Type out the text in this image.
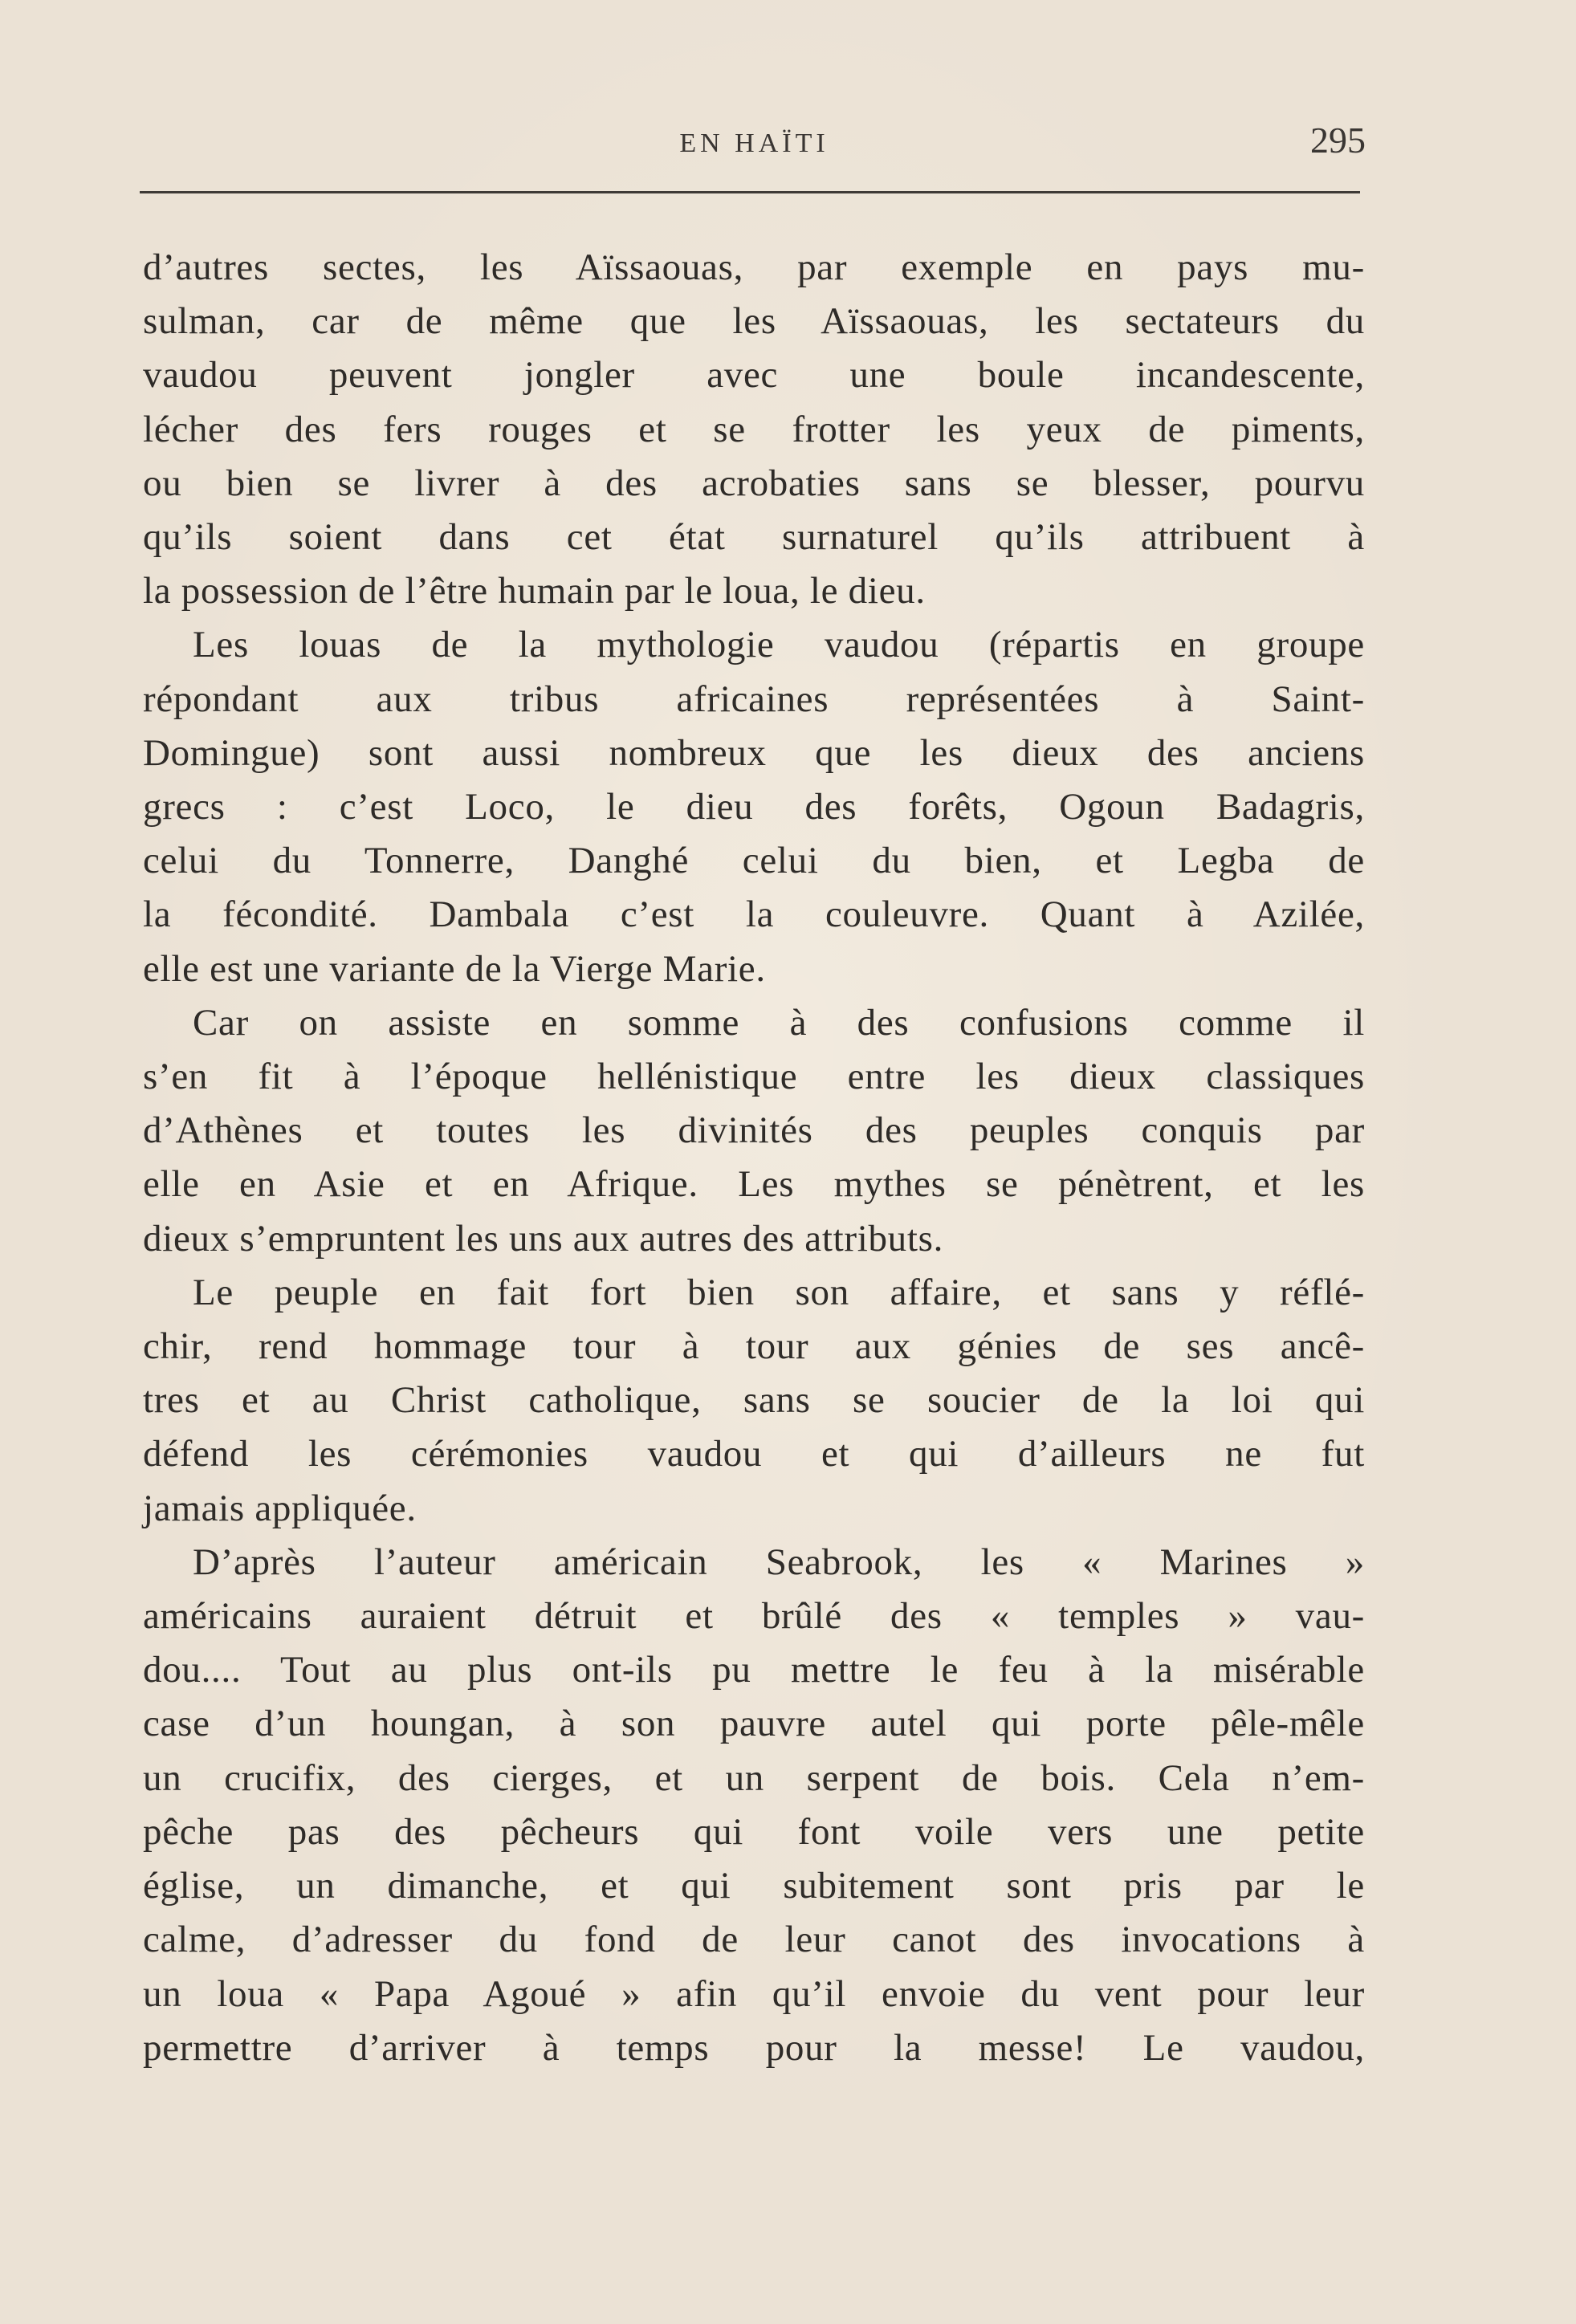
EN HAÏTI	295
d’autres sectes, les Aïssaouas, par exemple en pays mu-
sulman, car de même que les Aïssaouas, les sectateurs du
vaudou peuvent jongler avec une boule incandescente,
lécher des fers rouges et se frotter les yeux de piments,
ou bien se livrer à des acrobaties sans se blesser, pourvu
qu’ils soient dans cet état surnaturel qu’ils attribuent à
la possession de l’être humain par le loua, le dieu.
Les louas de la mythologie vaudou (répartis en groupe
répondant aux tribus africaines représentées à Saint-
Domingue) sont aussi nombreux que les dieux des anciens
grecs : c’est Loco, le dieu des forêts, Ogoun Badagris,
celui du Tonnerre, Danghé celui du bien, et Legba de
la fécondité. Dambala c’est la couleuvre. Quant à Azilée,
elle est une variante de la Vierge Marie.
Car on assiste en somme à des confusions comme il
s’en fit à l’époque hellénistique entre les dieux classiques
d’Athènes et toutes les divinités des peuples conquis par
elle en Asie et en Afrique. Les mythes se pénètrent, et les
dieux s’empruntent les uns aux autres des attributs.
Le peuple en fait fort bien son affaire, et sans y réflé-
chir, rend hommage tour à tour aux génies de ses ancê-
tres et au Christ catholique, sans se soucier de la loi qui
défend les cérémonies vaudou et qui d’ailleurs ne fut
jamais appliquée.
D’après l’auteur américain Seabrook, les « Marines »
américains auraient détruit et brûlé des « temples » vau-
dou.... Tout au plus ont-ils pu mettre le feu à la misérable
case d’un houngan, à son pauvre autel qui porte pêle-mêle
un crucifix, des cierges, et un serpent de bois. Cela n’em-
pêche pas des pêcheurs qui font voile vers une petite
église, un dimanche, et qui subitement sont pris par le
calme, d’adresser du fond de leur canot des invocations à
un loua « Papa Agoué » afin qu’il envoie du vent pour leur
permettre d’arriver à temps pour la messe! Le vaudou,
